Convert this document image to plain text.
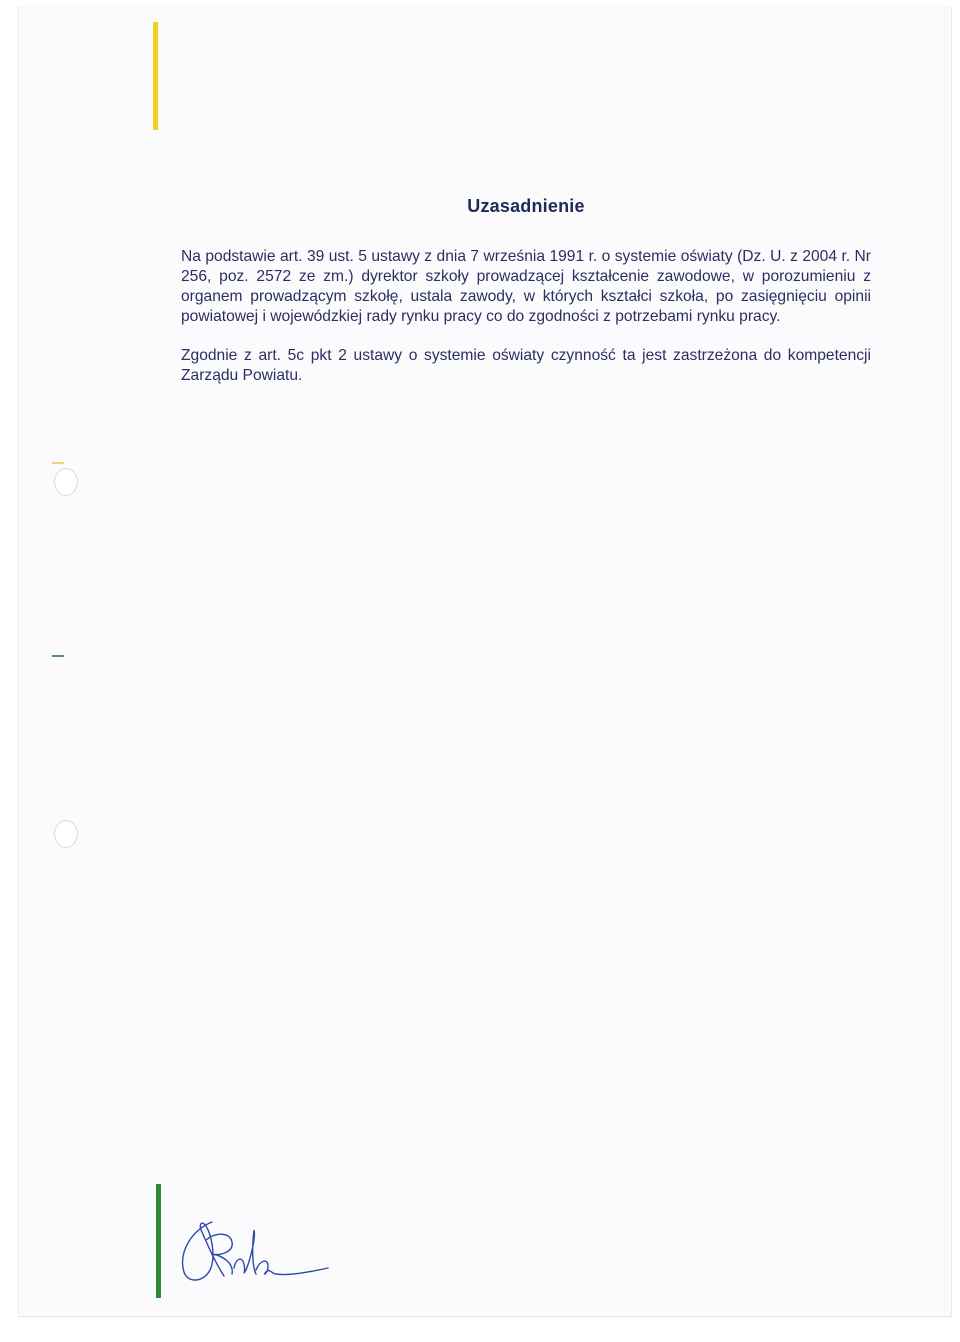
Uzasadnienie

Na podstawie art. 39 ust. 5 ustawy z dnia 7 września 1991 r. o systemie oświaty (Dz. U. z 2004 r. Nr 256, poz. 2572 ze zm.) dyrektor szkoły prowadzącej kształcenie zawodowe, w porozumieniu z organem prowadzącym szkołę, ustala zawody, w których kształci szkoła, po zasięgnięciu opinii powiatowej i wojewódzkiej rady rynku pracy co do zgodności z potrzebami rynku pracy.

Zgodnie z art. 5c pkt 2 ustawy o systemie oświaty czynność ta jest zastrzeżona do kompetencji Zarządu Powiatu.
